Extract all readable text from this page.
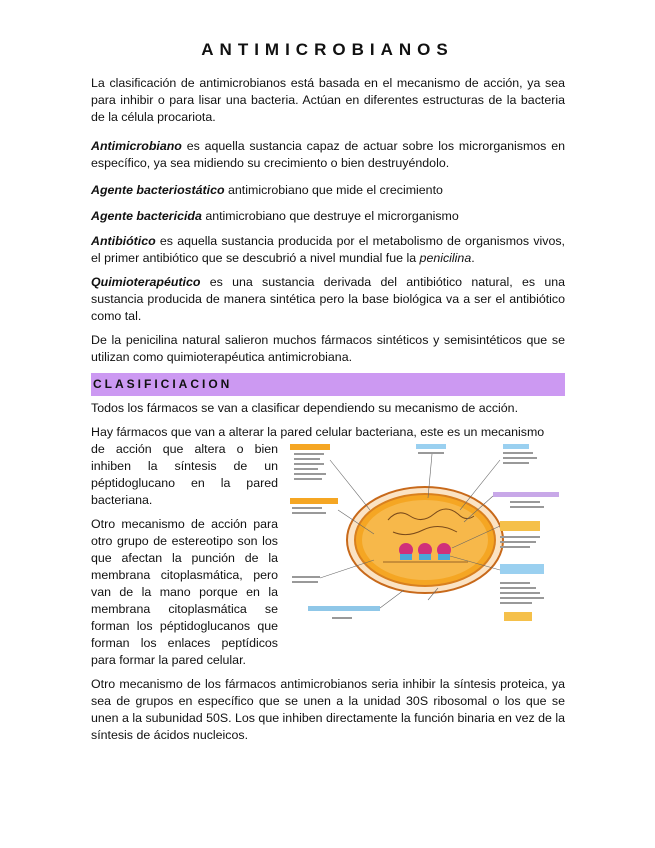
ANTIMICROBIANOS

La clasificación de antimicrobianos está basada en el mecanismo de acción, ya sea para inhibir o para lisar una bacteria. Actúan en diferentes estructuras de la bacteria de la célula procariota.

Antimicrobiano es aquella sustancia capaz de actuar sobre los microrganismos en específico, ya sea midiendo su crecimiento o bien destruyéndolo.

Agente bacteriostático antimicrobiano que mide el crecimiento

Agente bactericida antimicrobiano que destruye el microrganismo

Antibiótico es aquella sustancia producida por el metabolismo de organismos vivos, el primer antibiótico que se descubrió a nivel mundial fue la penicilina.

Quimioterapéutico es una sustancia derivada del antibiótico natural, es una sustancia producida de manera sintética pero la base biológica va a ser el antibiótico como tal.

De la penicilina natural salieron muchos fármacos sintéticos y semisintéticos que se utilizan como quimioterapéutica antimicrobiana.

CLASIFICIACION

Todos los fármacos se van a clasificar dependiendo su mecanismo de acción.

Hay fármacos que van a alterar la pared celular bacteriana, este es un mecanismo

de acción que altera o bien inhiben la síntesis de un péptidoglucano en la pared bacteriana.

Otro mecanismo de acción para otro grupo de estereotipo son los que afectan la punción de la membrana citoplasmática, pero van de la mano porque en la membrana citoplasmática se forman los péptidoglucanos que forman los enlaces peptídicos para formar la pared celular.

Otro mecanismo de los fármacos antimicrobianos seria inhibir la síntesis proteica, ya sea de grupos en específico que se unen a la unidad 30S ribosomal o los que se unen a la subunidad 50S. Los que inhiben directamente la función binaria en vez de la síntesis de ácidos nucleicos.
